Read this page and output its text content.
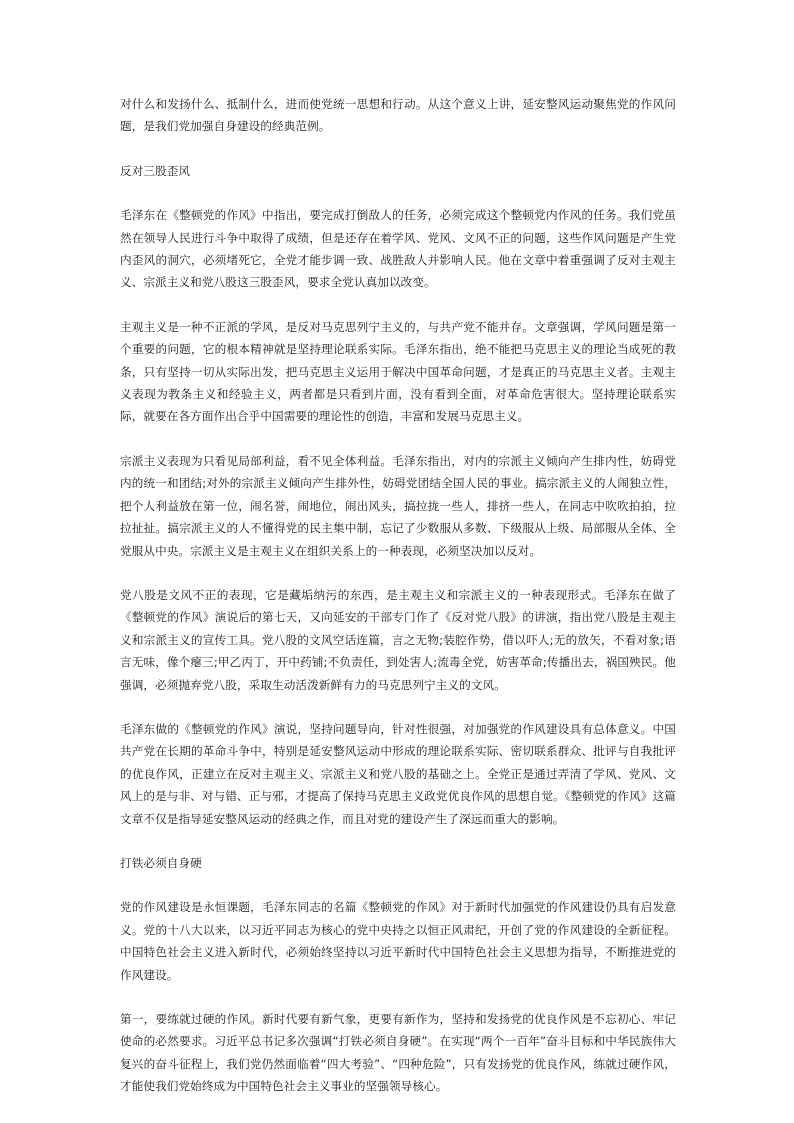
对什么和发扬什么、抵制什么，进而使党统一思想和行动。从这个意义上讲，延安整风运动聚焦党的作风问题，是我们党加强自身建设的经典范例。

反对三股歪风

毛泽东在《整顿党的作风》中指出，要完成打倒敌人的任务，必须完成这个整顿党内作风的任务。我们党虽然在领导人民进行斗争中取得了成绩，但是还存在着学风、党风、文风不正的问题，这些作风问题是产生党内歪风的洞穴，必须堵死它，全党才能步调一致、战胜敌人并影响人民。他在文章中着重强调了反对主观主义、宗派主义和党八股这三股歪风，要求全党认真加以改变。

主观主义是一种不正派的学风，是反对马克思列宁主义的，与共产党不能并存。文章强调，学风问题是第一个重要的问题，它的根本精神就是坚持理论联系实际。毛泽东指出，绝不能把马克思主义的理论当成死的教条，只有坚持一切从实际出发，把马克思主义运用于解决中国革命问题，才是真正的马克思主义者。主观主义表现为教条主义和经验主义，两者都是只看到片面，没有看到全面，对革命危害很大。坚持理论联系实际，就要在各方面作出合乎中国需要的理论性的创造，丰富和发展马克思主义。

宗派主义表现为只看见局部利益，看不见全体利益。毛泽东指出，对内的宗派主义倾向产生排内性，妨碍党内的统一和团结;对外的宗派主义倾向产生排外性，妨碍党团结全国人民的事业。搞宗派主义的人闹独立性，把个人利益放在第一位，闹名誉，闹地位，闹出风头，搞拉拢一些人，排挤一些人，在同志中吹吹拍拍，拉拉扯扯。搞宗派主义的人不懂得党的民主集中制，忘记了少数服从多数、下级服从上级、局部服从全体、全党服从中央。宗派主义是主观主义在组织关系上的一种表现，必须坚决加以反对。

党八股是文风不正的表现，它是藏垢纳污的东西，是主观主义和宗派主义的一种表现形式。毛泽东在做了《整顿党的作风》演说后的第七天，又向延安的干部专门作了《反对党八股》的讲演，指出党八股是主观主义和宗派主义的宣传工具。党八股的文风空话连篇，言之无物;装腔作势，借以吓人;无的放矢，不看对象;语言无味，像个瘪三;甲乙丙丁，开中药铺;不负责任，到处害人;流毒全党，妨害革命;传播出去，祸国殃民。他强调，必须抛弃党八股，采取生动活泼新鲜有力的马克思列宁主义的文风。

毛泽东做的《整顿党的作风》演说，坚持问题导向，针对性很强，对加强党的作风建设具有总体意义。中国共产党在长期的革命斗争中，特别是延安整风运动中形成的理论联系实际、密切联系群众、批评与自我批评的优良作风，正建立在反对主观主义、宗派主义和党八股的基础之上。全党正是通过弄清了学风、党风、文风上的是与非、对与错、正与邪，才提高了保持马克思主义政党优良作风的思想自觉。《整顿党的作风》这篇文章不仅是指导延安整风运动的经典之作，而且对党的建设产生了深远而重大的影响。

打铁必须自身硬

党的作风建设是永恒课题，毛泽东同志的名篇《整顿党的作风》对于新时代加强党的作风建设仍具有启发意义。党的十八大以来，以习近平同志为核心的党中央持之以恒正风肃纪，开创了党的作风建设的全新征程。中国特色社会主义进入新时代，必须始终坚持以习近平新时代中国特色社会主义思想为指导，不断推进党的作风建设。

第一，要练就过硬的作风。新时代要有新气象，更要有新作为，坚持和发扬党的优良作风是不忘初心、牢记使命的必然要求。习近平总书记多次强调“打铁必须自身硬”。在实现“两个一百年”奋斗目标和中华民族伟大复兴的奋斗征程上，我们党仍然面临着“四大考验”、“四种危险”，只有发扬党的优良作风，练就过硬作风，才能使我们党始终成为中国特色社会主义事业的坚强领导核心。
